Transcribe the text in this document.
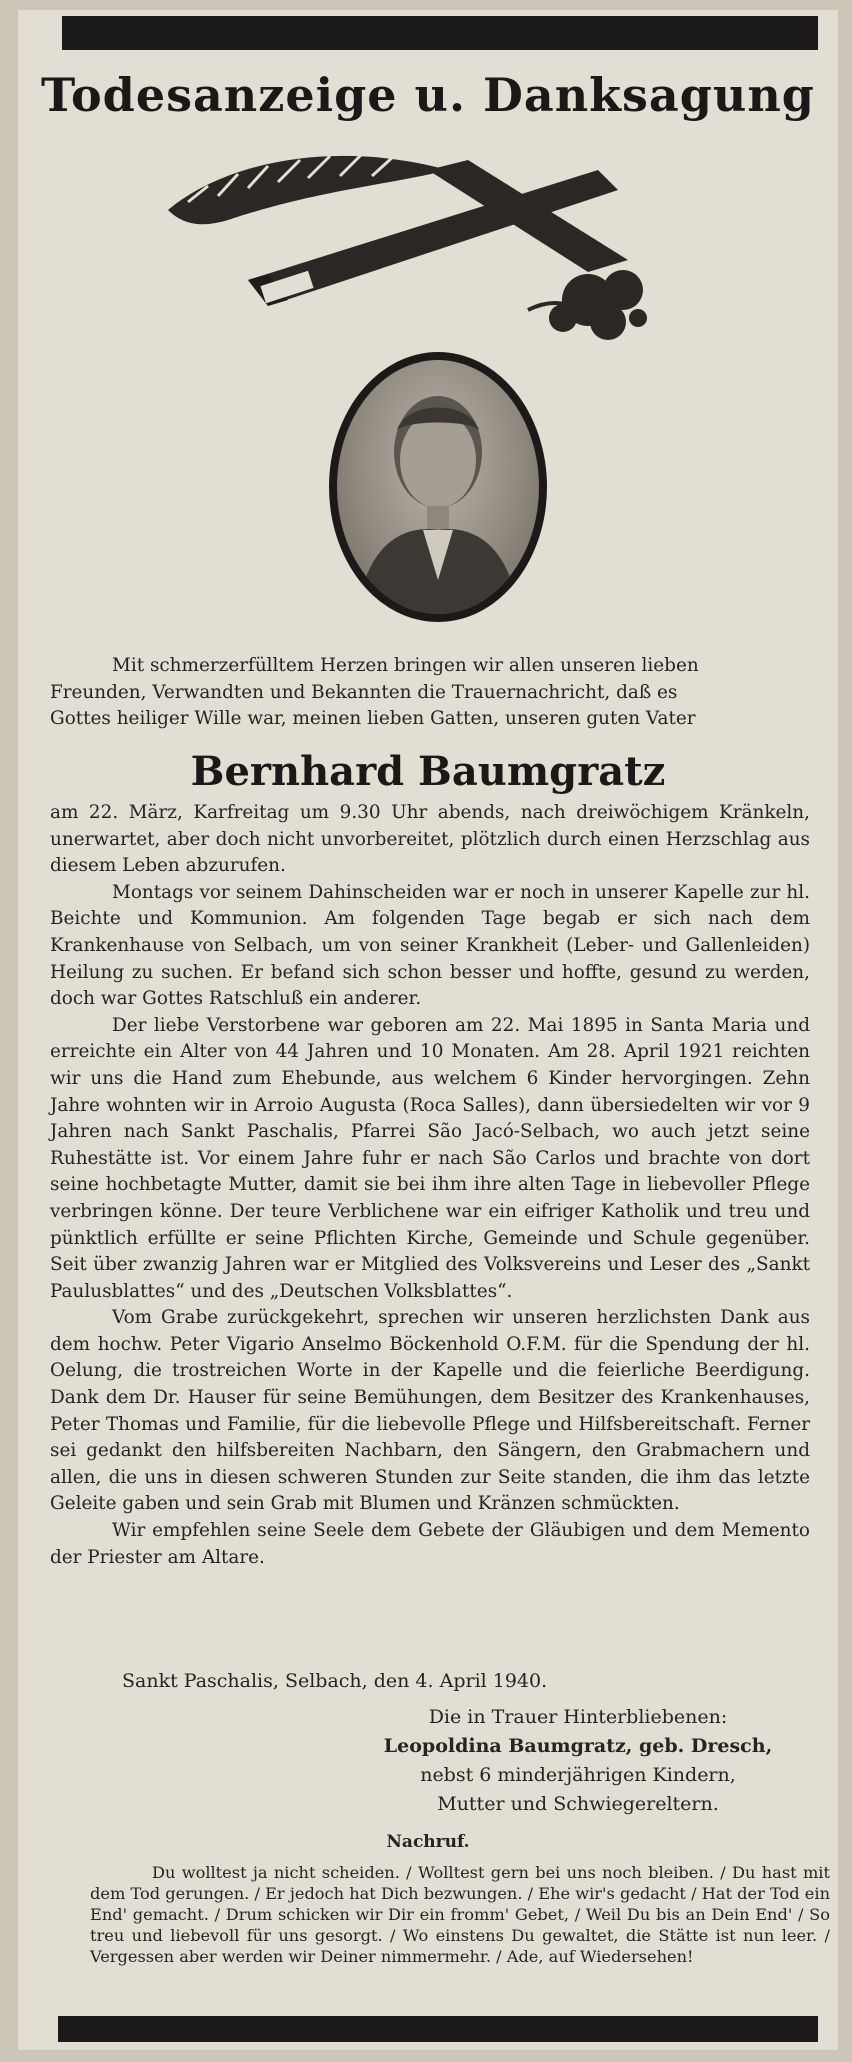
Todesanzeige u. Danksagung

Mit schmerzerfülltem Herzen bringen wir allen unseren lieben

Freunden, Verwandten und Bekannten die Trauernachricht, daß es

Gottes heiliger Wille war, meinen lieben Gatten, unseren guten Vater

Bernhard Baumgratz

am 22. März, Karfreitag um 9.30 Uhr abends, nach dreiwöchigem Kränkeln, unerwartet, aber doch nicht unvorbereitet, plötzlich durch einen Herzschlag aus diesem Leben abzurufen.

Montags vor seinem Dahinscheiden war er noch in unserer Kapelle zur hl. Beichte und Kommunion. Am folgenden Tage begab er sich nach dem Krankenhause von Selbach, um von seiner Krankheit (Leber- und Gallenleiden) Heilung zu suchen. Er befand sich schon besser und hoffte, gesund zu werden, doch war Gottes Ratschluß ein anderer.

Der liebe Verstorbene war geboren am 22. Mai 1895 in Santa Maria und erreichte ein Alter von 44 Jahren und 10 Monaten. Am 28. April 1921 reichten wir uns die Hand zum Ehebunde, aus welchem 6 Kinder hervorgingen. Zehn Jahre wohnten wir in Arroio Augusta (Roca Salles), dann übersiedelten wir vor 9 Jahren nach Sankt Paschalis, Pfarrei São Jacó-Selbach, wo auch jetzt seine Ruhestätte ist. Vor einem Jahre fuhr er nach São Carlos und brachte von dort seine hochbetagte Mutter, damit sie bei ihm ihre alten Tage in liebevoller Pflege verbringen könne. Der teure Verblichene war ein eifriger Katholik und treu und pünktlich erfüllte er seine Pflichten Kirche, Gemeinde und Schule gegenüber. Seit über zwanzig Jahren war er Mitglied des Volksvereins und Leser des „Sankt Paulusblattes“ und des „Deutschen Volksblattes“.

Vom Grabe zurückgekehrt, sprechen wir unseren herzlichsten Dank aus dem hochw. Peter Vigario Anselmo Böckenhold O.F.M. für die Spendung der hl. Oelung, die trostreichen Worte in der Kapelle und die feierliche Beerdigung. Dank dem Dr. Hauser für seine Bemühungen, dem Besitzer des Krankenhauses, Peter Thomas und Familie, für die liebevolle Pflege und Hilfsbereitschaft. Ferner sei gedankt den hilfsbereiten Nachbarn, den Sängern, den Grabmachern und allen, die uns in diesen schweren Stunden zur Seite standen, die ihm das letzte Geleite gaben und sein Grab mit Blumen und Kränzen schmückten.

Wir empfehlen seine Seele dem Gebete der Gläubigen und dem Memento der Priester am Altare.

Sankt Paschalis, Selbach, den 4. April 1940.
Die in Trauer Hinterbliebenen:
Leopoldina Baumgratz, geb. Dresch,
nebst 6 minderjährigen Kindern,
Mutter und Schwiegereltern.
Nachruf.

Du wolltest ja nicht scheiden. / Wolltest gern bei uns noch bleiben. / Du hast mit dem Tod gerungen. / Er jedoch hat Dich bezwungen. / Ehe wir's gedacht / Hat der Tod ein End' gemacht. / Drum schicken wir Dir ein fromm' Gebet, / Weil Du bis an Dein End' / So treu und liebevoll für uns gesorgt. / Wo einstens Du gewaltet, die Stätte ist nun leer. / Vergessen aber werden wir Deiner nimmermehr. / Ade, auf Wiedersehen!
